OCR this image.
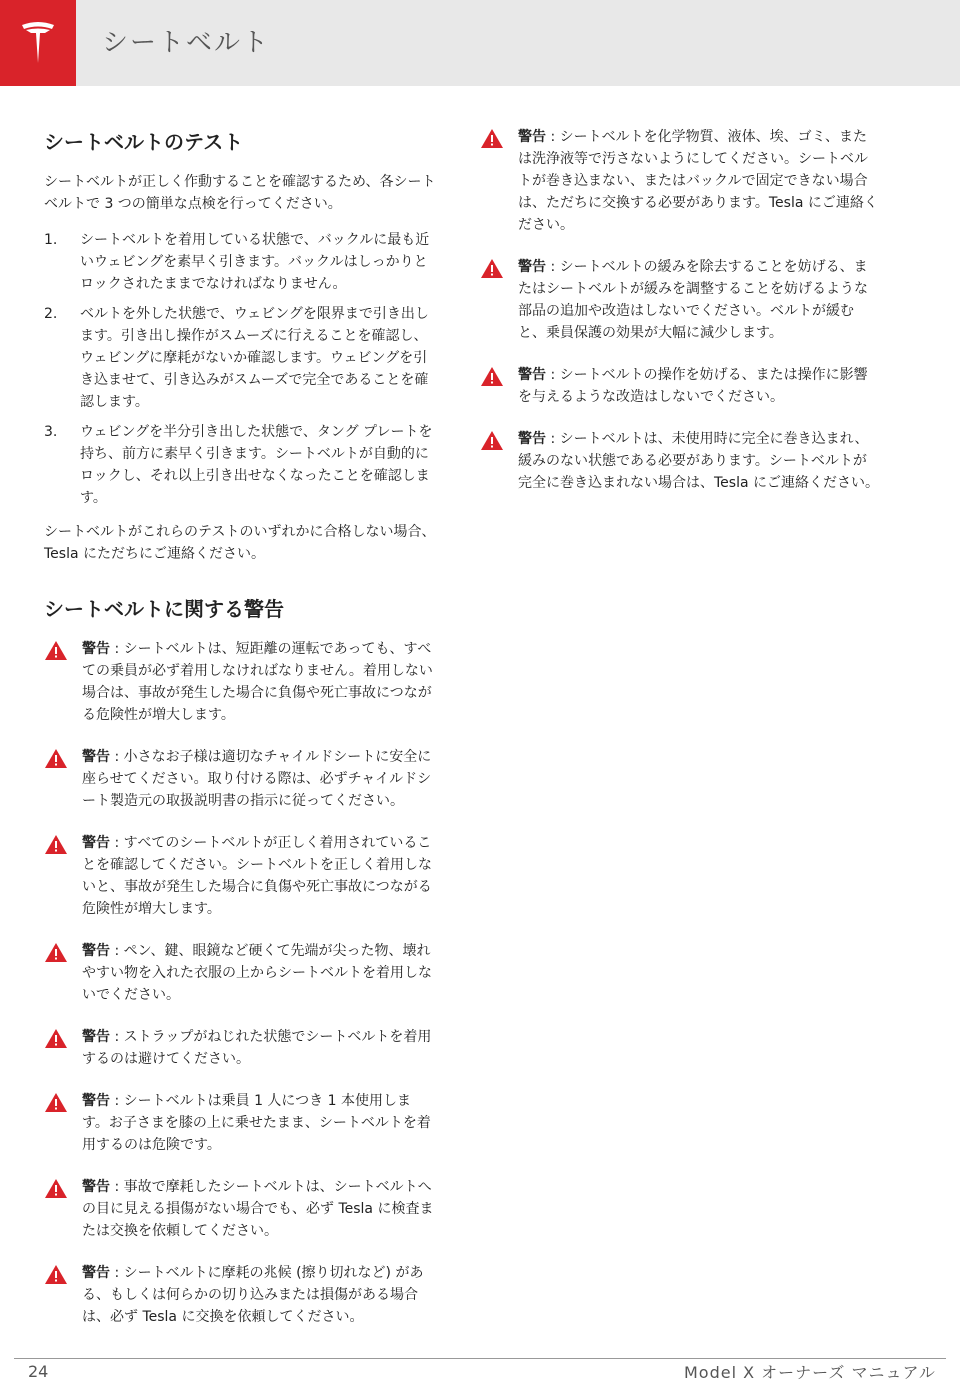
シートベルト
シートベルトのテスト

シートベルトが正しく作動することを確認するため、各シートベルトで 3 つの簡単な点検を行ってください。

1. シートベルトを着用している状態で、バックルに最も近いウェビングを素早く引きます。バックルはしっかりとロックされたままでなければなりません。
2. ベルトを外した状態で、ウェビングを限界まで引き出します。引き出し操作がスムーズに行えることを確認し、ウェビングに摩耗がないか確認します。ウェビングを引き込ませて、引き込みがスムーズで完全であることを確認します。
3. ウェビングを半分引き出した状態で、タング プレートを持ち、前方に素早く引きます。シートベルトが自動的にロックし、それ以上引き出せなくなったことを確認します。

シートベルトがこれらのテストのいずれかに合格しない場合、Tesla にただちにご連絡ください。

シートベルトに関する警告
警告 : シートベルトは、短距離の運転であっても、すべての乗員が必ず着用しなければなりません。着用しない場合は、事故が発生した場合に負傷や死亡事故につながる危険性が増大します。
警告 : 小さなお子様は適切なチャイルドシートに安全に座らせてください。取り付ける際は、必ずチャイルドシート製造元の取扱説明書の指示に従ってください。
警告 : すべてのシートベルトが正しく着用されていることを確認してください。シートベルトを正しく着用しないと、事故が発生した場合に負傷や死亡事故につながる危険性が増大します。
警告 : ペン、鍵、眼鏡など硬くて先端が尖った物、壊れやすい物を入れた衣服の上からシートベルトを着用しないでください。
警告 : ストラップがねじれた状態でシートベルトを着用するのは避けてください。
警告 : シートベルトは乗員 1 人につき 1 本使用します。お子さまを膝の上に乗せたまま、シートベルトを着用するのは危険です。
警告 : 事故で摩耗したシートベルトは、シートベルトへの目に見える損傷がない場合でも、必ず Tesla に検査または交換を依頼してください。
警告 : シートベルトに摩耗の兆候 (擦り切れなど) がある、もしくは何らかの切り込みまたは損傷がある場合は、必ず Tesla に交換を依頼してください。
警告 : シートベルトを化学物質、液体、埃、ゴミ、または洗浄液等で汚さないようにしてください。シートベルトが巻き込まない、またはバックルで固定できない場合は、ただちに交換する必要があります。Tesla にご連絡ください。
警告 : シートベルトの緩みを除去することを妨げる、またはシートベルトが緩みを調整することを妨げるような部品の追加や改造はしないでください。ベルトが緩むと、乗員保護の効果が大幅に減少します。
警告 : シートベルトの操作を妨げる、または操作に影響を与えるような改造はしないでください。
警告 : シートベルトは、未使用時に完全に巻き込まれ、緩みのない状態である必要があります。シートベルトが完全に巻き込まれない場合は、Tesla にご連絡ください。
24	Model X オーナーズ マニュアル
